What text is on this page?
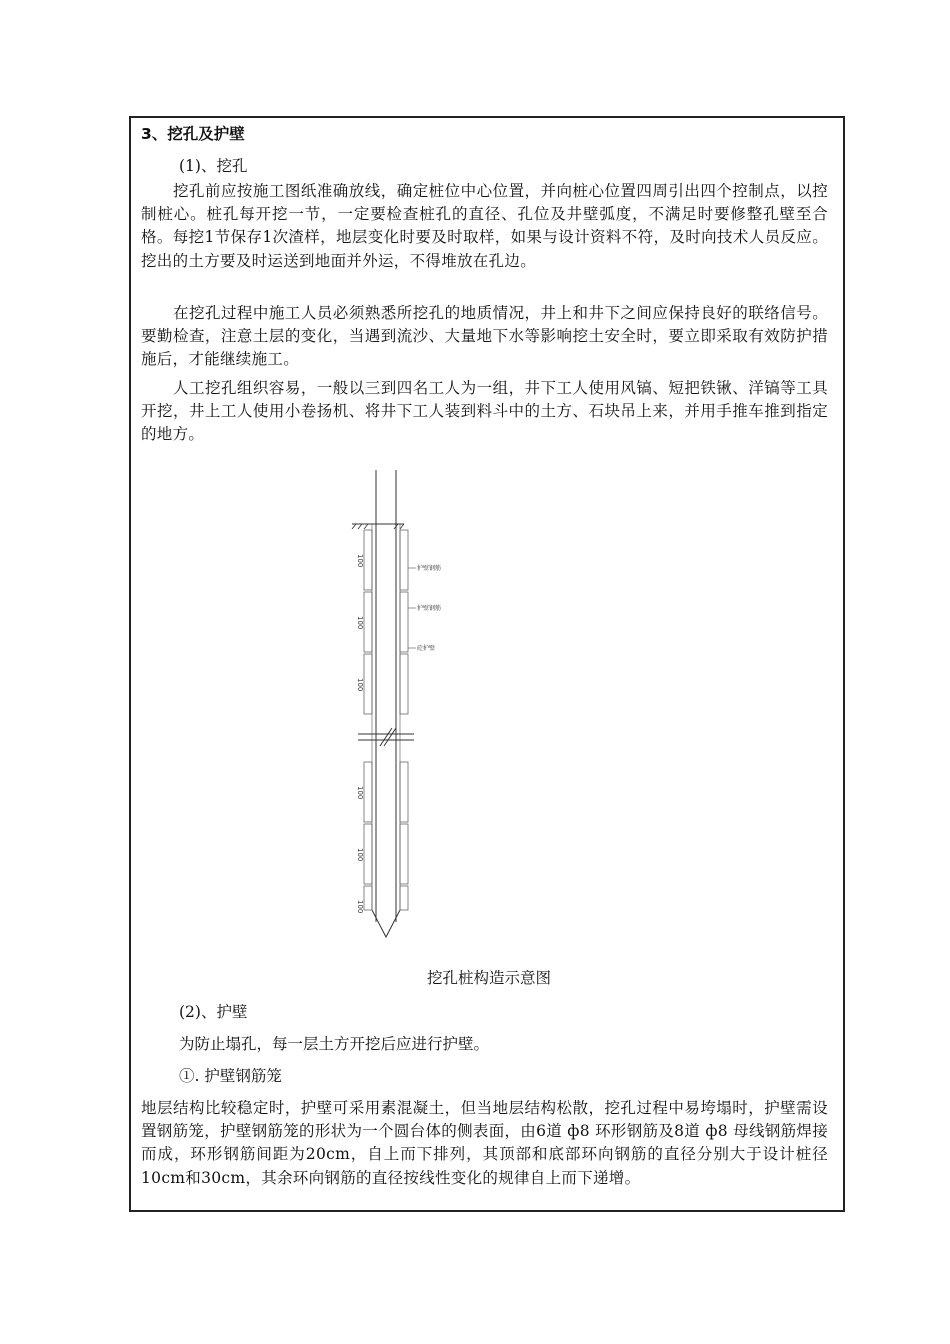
3、挖孔及护壁
(1)、挖孔
挖孔前应按施工图纸准确放线，确定桩位中心位置，并向桩心位置四周引出四个控制点，以控制桩心。桩孔每开挖一节，一定要检查桩孔的直径、孔位及井壁弧度，不满足时要修整孔壁至合格。每挖1节保存1次渣样，地层变化时要及时取样，如果与设计资料不符，及时向技术人员反应。挖出的土方要及时运送到地面并外运，不得堆放在孔边。
在挖孔过程中施工人员必须熟悉所挖孔的地质情况，井上和井下之间应保持良好的联络信号。要勤检查，注意土层的变化，当遇到流沙、大量地下水等影响挖土安全时，要立即采取有效防护措施后，才能继续施工。
人工挖孔组织容易，一般以三到四名工人为一组，井下工人使用风镐、短把铁锹、洋镐等工具开挖，井上工人使用小卷扬机、将井下工人装到料斗中的土方、石块吊上来，并用手推车推到指定的地方。
100
100
100
100
100
100
护壁钢筋
护壁钢筋
砼护壁
挖孔桩构造示意图
(2)、护壁
为防止塌孔，每一层土方开挖后应进行护壁。
①. 护壁钢筋笼
地层结构比较稳定时，护壁可采用素混凝土，但当地层结构松散，挖孔过程中易垮塌时，护壁需设置钢筋笼，护壁钢筋笼的形状为一个圆台体的侧表面，由6道 ф8 环形钢筋及8道 ф8 母线钢筋焊接而成，环形钢筋间距为20cm，自上而下排列，其顶部和底部环向钢筋的直径分别大于设计桩径 10cm和30cm，其余环向钢筋的直径按线性变化的规律自上而下递增。
